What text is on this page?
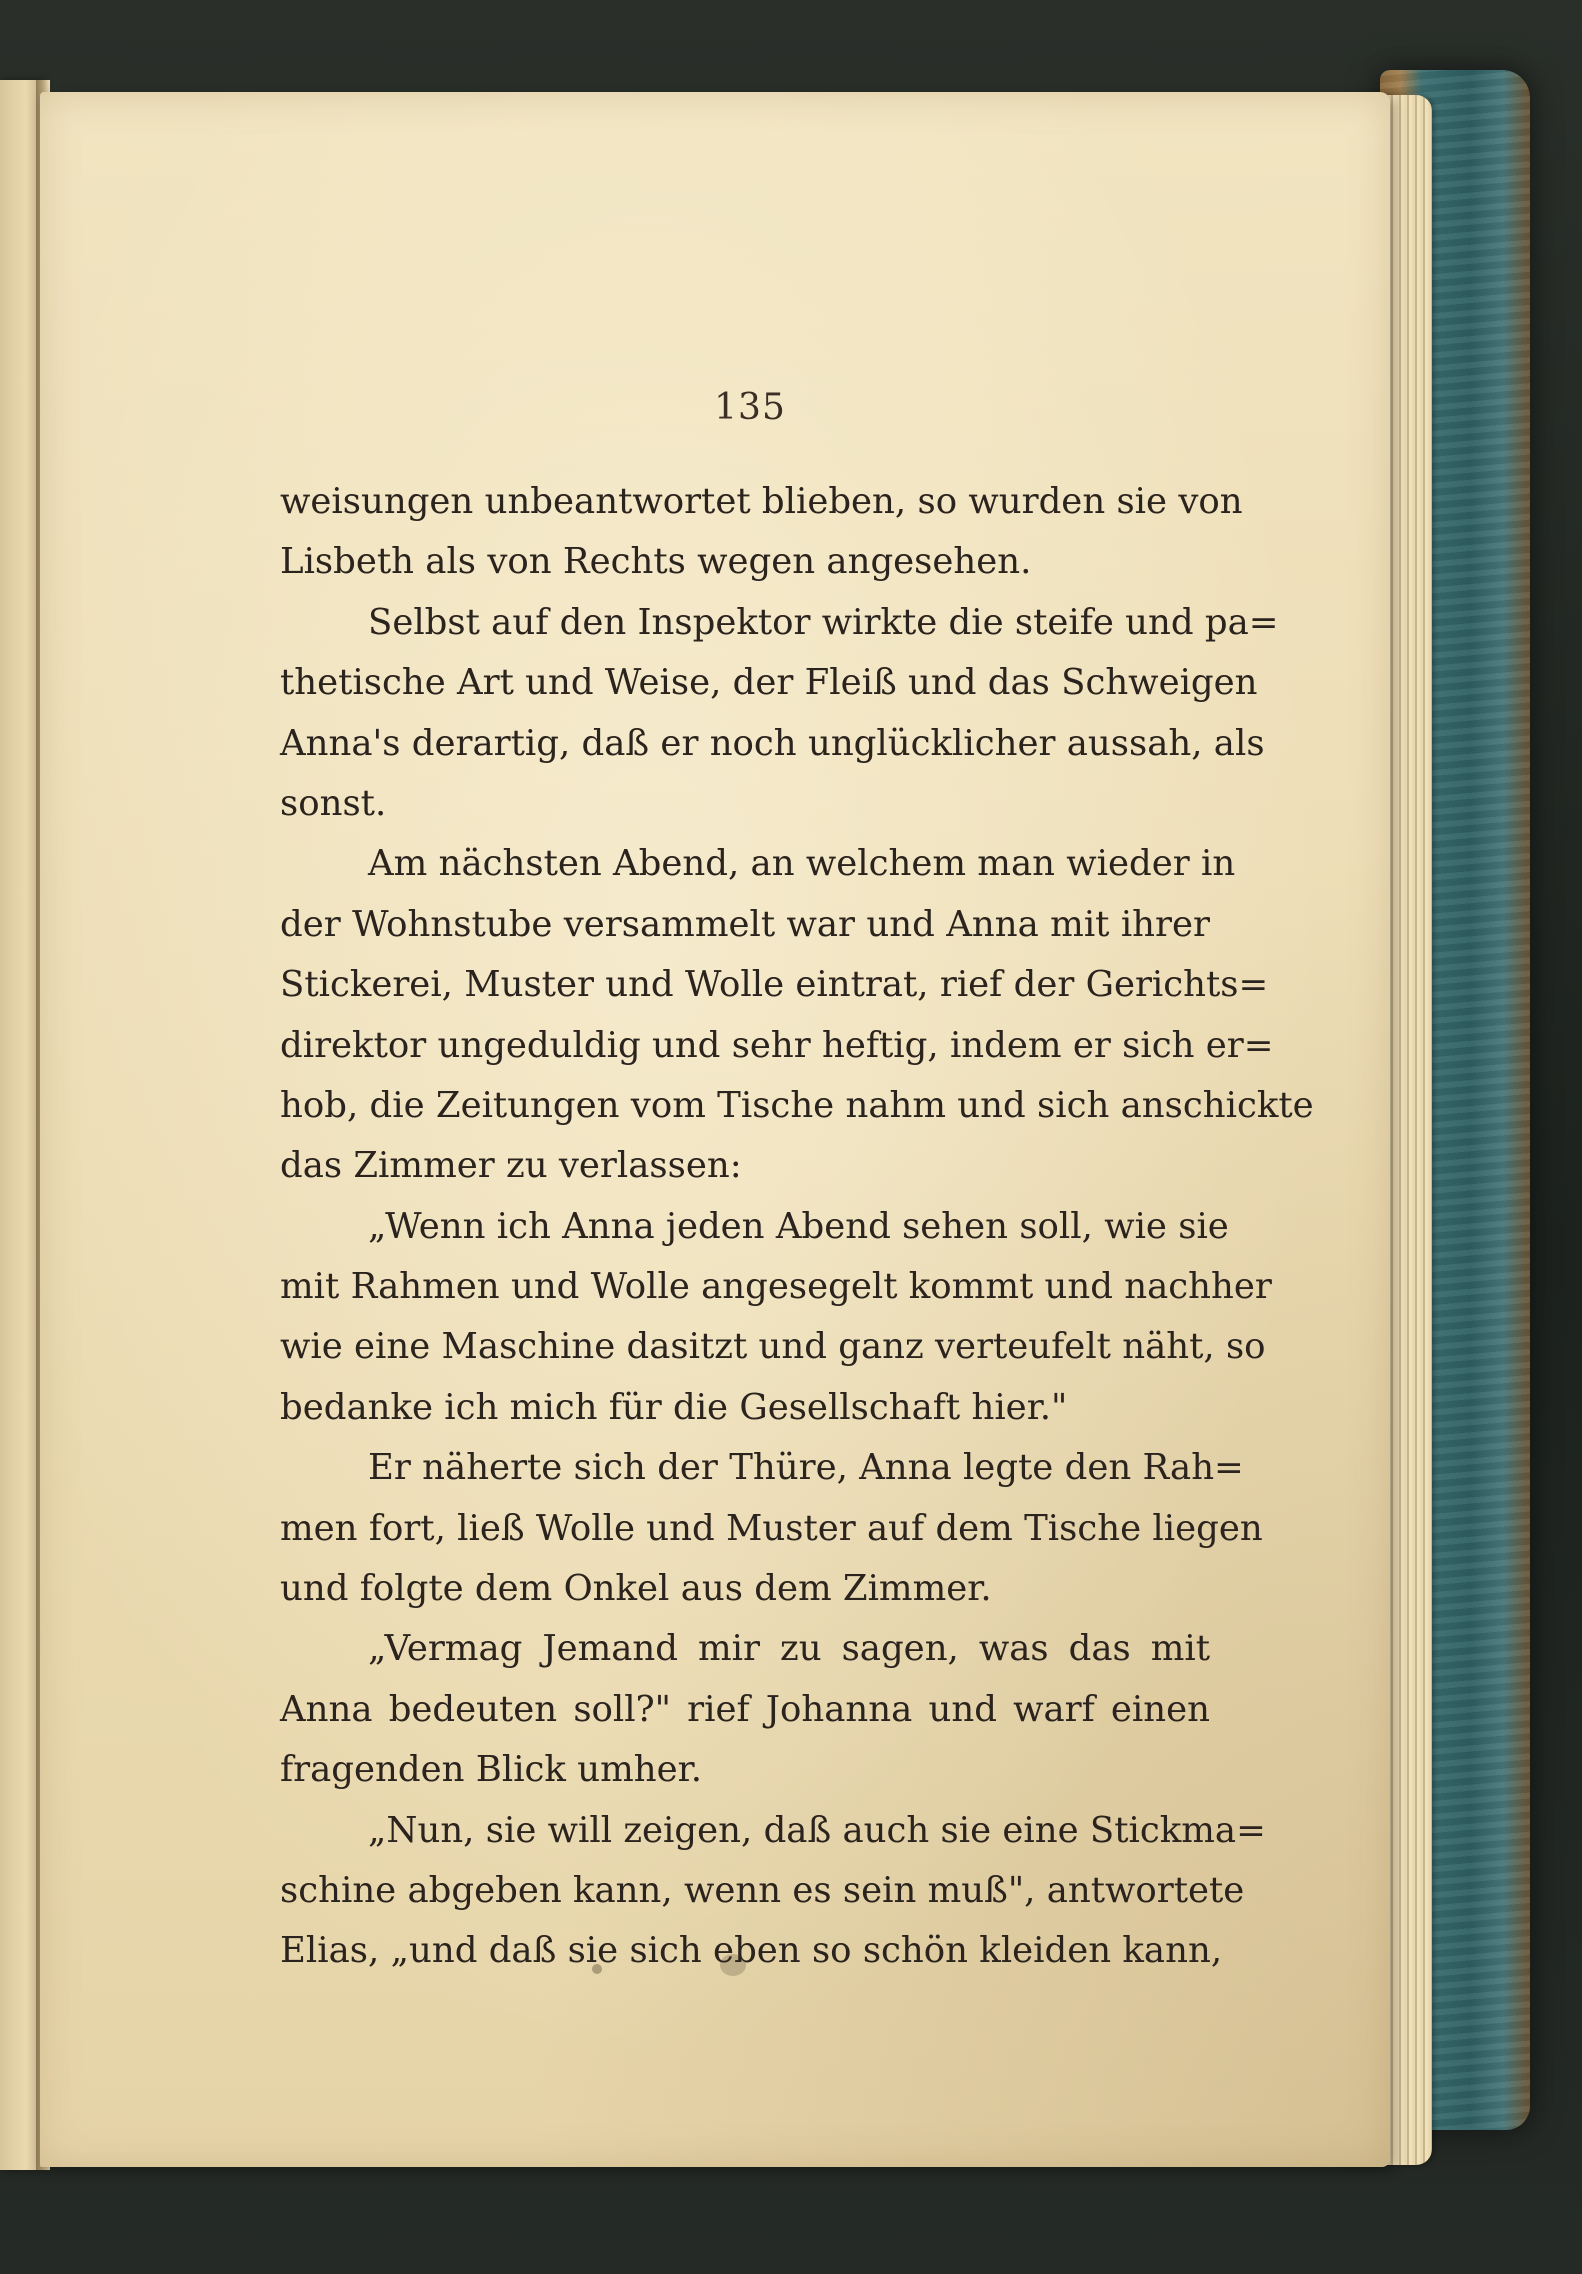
135
weisungen unbeantwortet blieben, so wurden sie von
Lisbeth als von Rechts wegen angesehen.
Selbst auf den Inspektor wirkte die steife und pa=
thetische Art und Weise, der Fleiß und das Schweigen
Anna's derartig, daß er noch unglücklicher aussah, als
sonst.
Am nächsten Abend, an welchem man wieder in
der Wohnstube versammelt war und Anna mit ihrer
Stickerei, Muster und Wolle eintrat, rief der Gerichts=
direktor ungeduldig und sehr heftig, indem er sich er=
hob, die Zeitungen vom Tische nahm und sich anschickte
das Zimmer zu verlassen:
„Wenn ich Anna jeden Abend sehen soll, wie sie
mit Rahmen und Wolle angesegelt kommt und nachher
wie eine Maschine dasitzt und ganz verteufelt näht, so
bedanke ich mich für die Gesellschaft hier."
Er näherte sich der Thüre, Anna legte den Rah=
men fort, ließ Wolle und Muster auf dem Tische liegen
und folgte dem Onkel aus dem Zimmer.
„Vermag Jemand mir zu sagen, was das mit
Anna bedeuten soll?" rief Johanna und warf einen
fragenden Blick umher.
„Nun, sie will zeigen, daß auch sie eine Stickma=
schine abgeben kann, wenn es sein muß", antwortete
Elias, „und daß sie sich eben so schön kleiden kann,
